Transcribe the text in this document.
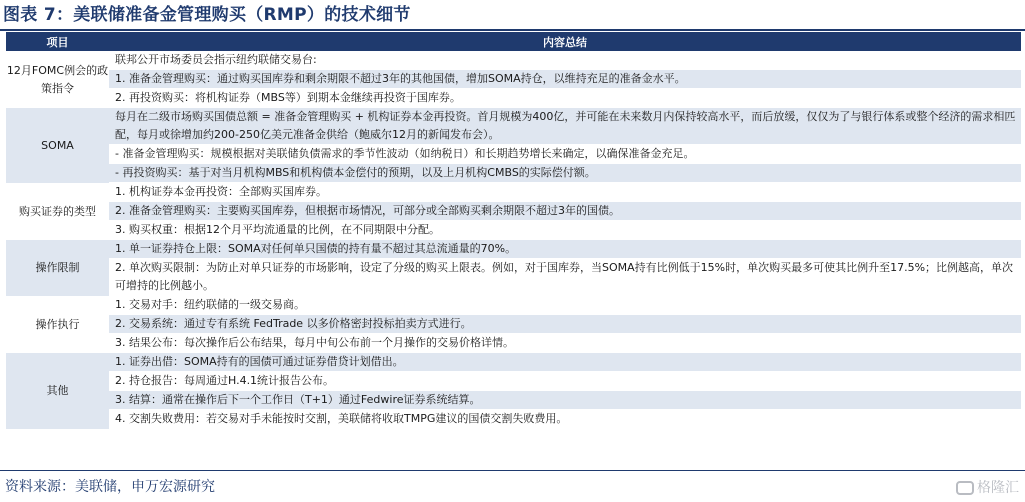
图表 7：美联储准备金管理购买（RMP）的技术细节
项目	内容总结
12月FOMC例会的政策指令	联邦公开市场委员会指示纽约联储交易台:
1. 准备金管理购买：通过购买国库券和剩余期限不超过3年的其他国债，增加SOMA持仓，以维持充足的准备金水平。
2. 再投资购买：将机构证券（MBS等）到期本金继续再投资于国库券。

SOMA	每月在二级市场购买国债总额 = 准备金管理购买 + 机构证券本金再投资。首月规模为400亿，并可能在未来数月内保持较高水平，而后放缓，仅仅为了与银行体系或整个经济的需求相匹配，每月或徐增加约200-250亿美元准备金供给（鲍威尔12月的新闻发布会）。
- 准备金管理购买：规模根据对美联储负债需求的季节性波动（如纳税日）和长期趋势增长来确定，以确保准备金充足。
- 再投资购买：基于对当月机构MBS和机构债本金偿付的预期，以及上月机构CMBS的实际偿付额。

购买证券的类型	1. 机构证券本金再投资：全部购买国库券。
2. 准备金管理购买：主要购买国库券，但根据市场情况，可部分或全部购买剩余期限不超过3年的国债。
3. 购买权重：根据12个月平均流通量的比例，在不同期限中分配。

操作限制	1. 单一证券持仓上限：SOMA对任何单只国债的持有量不超过其总流通量的70%。
2. 单次购买限制：为防止对单只证券的市场影响，设定了分级的购买上限表。例如，对于国库券，当SOMA持有比例低于15%时，单次购买最多可使其比例升至17.5%；比例越高，单次可增持的比例越小。

操作执行	1. 交易对手：纽约联储的一级交易商。
2. 交易系统：通过专有系统 FedTrade 以多价格密封投标拍卖方式进行。
3. 结果公布：每次操作后公布结果，每月中旬公布前一个月操作的交易价格详情。

其他	1. 证券出借：SOMA持有的国债可通过证券借贷计划借出。
2. 持仓报告：每周通过H.4.1统计报告公布。
3. 结算：通常在操作后下一个工作日（T+1）通过Fedwire证券系统结算。
4. 交割失败费用：若交易对手未能按时交割，美联储将收取TMPG建议的国债交割失败费用。
资料来源：美联储，申万宏源研究	格隆汇
